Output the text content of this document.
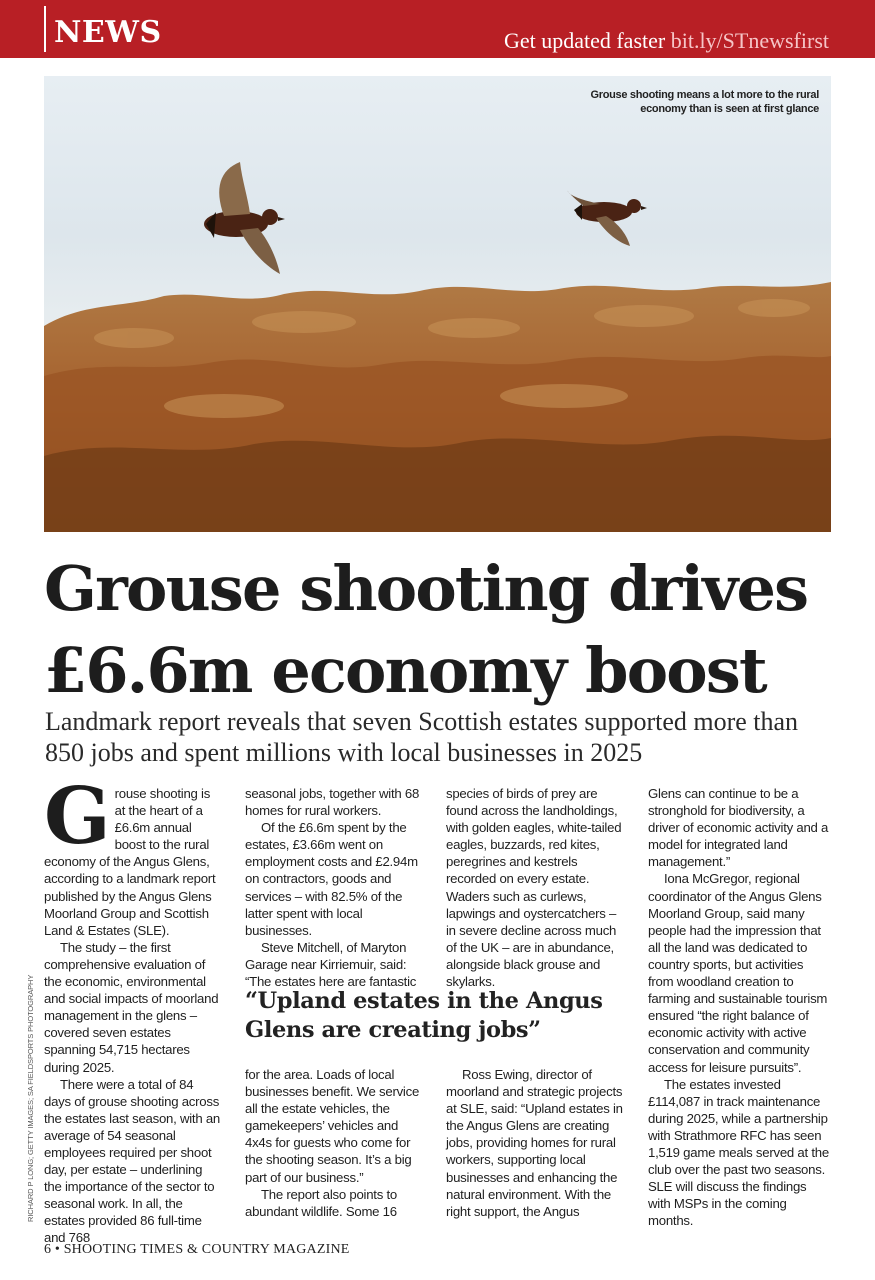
NEWS	Get updated faster bit.ly/STnewsfirst
Grouse shooting means a lot more to the rural economy than is seen at first glance
Grouse shooting drives £6.6m economy boost

Landmark report reveals that seven Scottish estates supported more than 850 jobs and spent millions with local businesses in 2025

Grouse shooting is at the heart of a £6.6m annual boost to the rural economy of the Angus Glens, according to a landmark report published by the Angus Glens Moorland Group and Scottish Land & Estates (SLE).

The study – the first comprehensive evaluation of the economic, environmental and social impacts of moorland management in the glens – covered seven estates spanning 54,715 hectares during 2025.

There were a total of 84 days of grouse shooting across the estates last season, with an average of 54 seasonal employees required per shoot day, per estate – underlining the importance of the sector to seasonal work. In all, the estates provided 86 full-time and 768

seasonal jobs, together with 68 homes for rural workers.

Of the £6.6m spent by the estates, £3.66m went on employment costs and £2.94m on contractors, goods and services – with 82.5% of the latter spent with local businesses.

Steve Mitchell, of Maryton Garage near Kirriemuir, said: “The estates here are fantastic

species of birds of prey are found across the landholdings, with golden eagles, white-tailed eagles, buzzards, red kites, peregrines and kestrels recorded on every estate. Waders such as curlews, lapwings and oystercatchers – in severe decline across much of the UK – are in abundance, alongside black grouse and skylarks.

“Upland estates in the Angus Glens are creating jobs”

for the area. Loads of local businesses benefit. We service all the estate vehicles, the gamekeepers’ vehicles and 4x4s for guests who come for the shooting season. It’s a big part of our business.”

The report also points to abundant wildlife. Some 16

Ross Ewing, director of moorland and strategic projects at SLE, said: “Upland estates in the Angus Glens are creating jobs, providing homes for rural workers, supporting local businesses and enhancing the natural environment. With the right support, the Angus

Glens can continue to be a stronghold for biodiversity, a driver of economic activity and a model for integrated land management.”

Iona McGregor, regional coordinator of the Angus Glens Moorland Group, said many people had the impression that all the land was dedicated to country sports, but activities from woodland creation to farming and sustainable tourism ensured “the right balance of economic activity with active conservation and community access for leisure pursuits”.

The estates invested £114,087 in track maintenance during 2025, while a partnership with Strathmore RFC has seen 1,519 game meals served at the club over the past two seasons. SLE will discuss the findings with MSPs in the coming months.

RICHARD P LONG; GETTY IMAGES; SA FIELDSPORTS PHOTOGRAPHY
6 • SHOOTING TIMES & COUNTRY MAGAZINE
